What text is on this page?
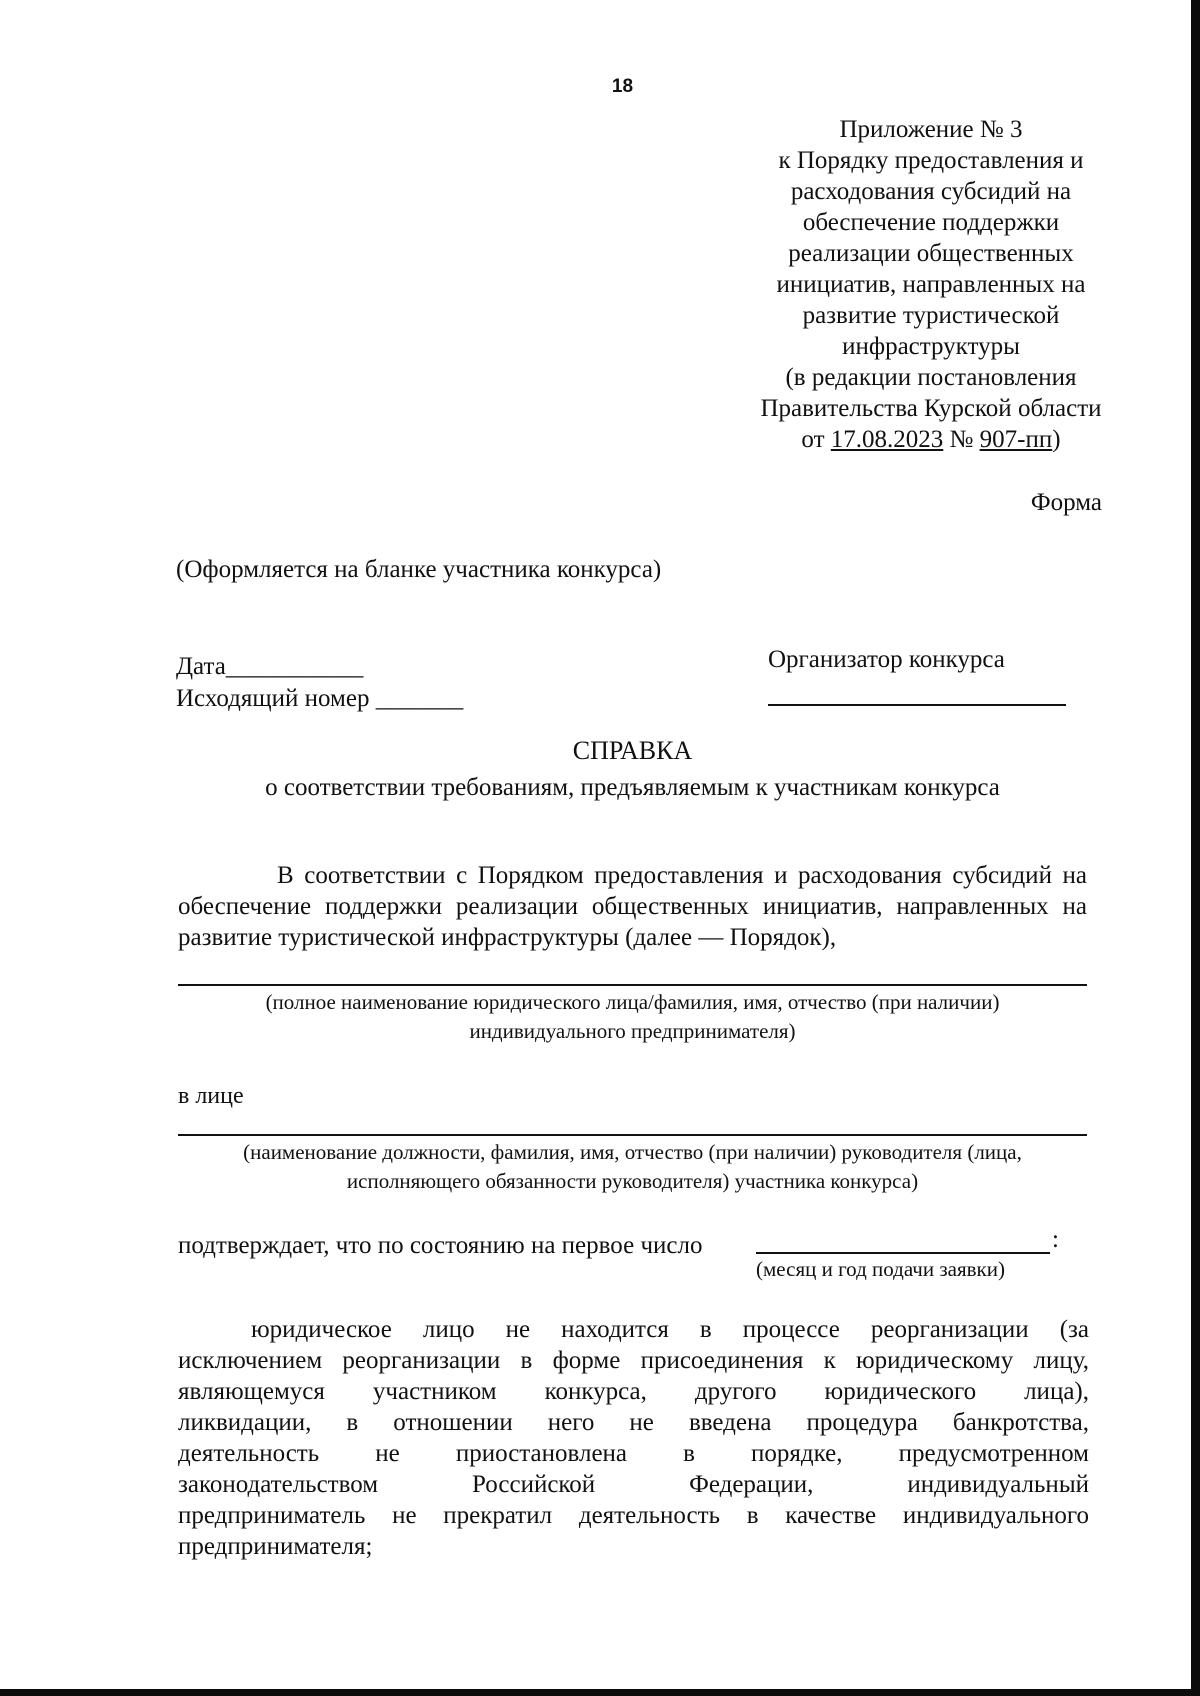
18
Приложение № 3
к Порядку предоставления и
расходования субсидий на
обеспечение поддержки
реализации общественных
инициатив, направленных на
развитие туристической
инфраструктуры
(в редакции постановления
Правительства Курской области
от 17.08.2023 № 907-пп)
Форма
(Оформляется на бланке участника конкурса)
Дата___________
Исходящий номер _______
Организатор конкурса
СПРАВКА
о соответствии требованиям, предъявляемым к участникам конкурса
В соответствии с Порядком предоставления и расходования субсидий на обеспечение поддержки реализации общественных инициатив, направленных на развитие туристической инфраструктуры (далее — Порядок),
(полное наименование юридического лица/фамилия, имя, отчество (при наличии)
индивидуального предпринимателя)
в лице
(наименование должности, фамилия, имя, отчество (при наличии) руководителя (лица,
исполняющего обязанности руководителя) участника конкурса)
подтверждает, что по состоянию на первое число	:
(месяц и год подачи заявки)
юридическое лицо не находится в процессе реорганизации (за
исключением реорганизации в форме присоединения к юридическому лицу,
являющемуся участником конкурса, другого юридического лица),
ликвидации, в отношении него не введена процедура банкротства,
деятельность не приостановлена в порядке, предусмотренном
законодательством Российской Федерации, индивидуальный
предприниматель не прекратил деятельность в качестве индивидуального
предпринимателя;
